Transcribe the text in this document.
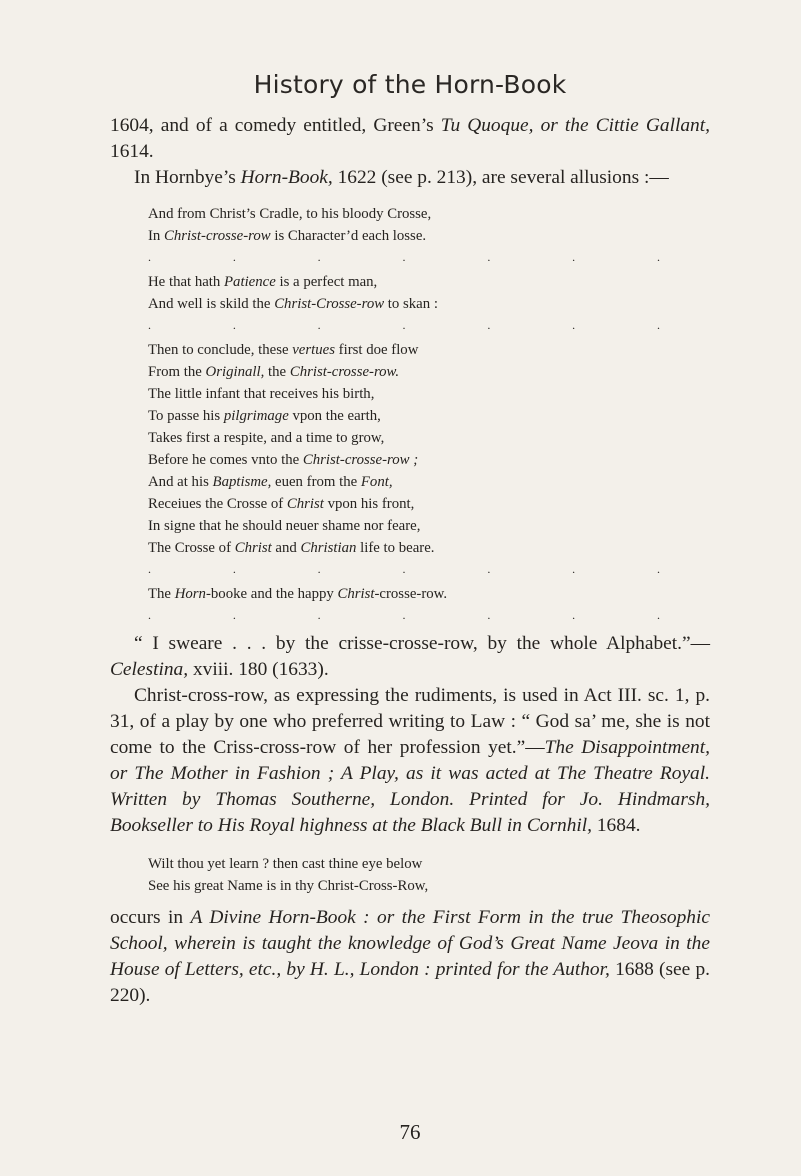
History of the Horn-Book

1604, and of a comedy entitled, Green’s Tu Quoque, or the Cittie Gallant, 1614.

In Hornbye’s Horn-Book, 1622 (see p. 213), are several allusions :—

And from Christ’s Cradle, to his bloody Crosse,
In Christ-crosse-row is Character’d each losse.
.	.	.	.	.	.	.
He that hath Patience is a perfect man,
And well is skild the Christ-Crosse-row to skan :
.	.	.	.	.	.	.
Then to conclude, these vertues first doe flow
From the Originall, the Christ-crosse-row.
The little infant that receives his birth,
To passe his pilgrimage vpon the earth,
Takes first a respite, and a time to grow,
Before he comes vnto the Christ-crosse-row ;
And at his Baptisme, euen from the Font,
Receiues the Crosse of Christ vpon his front,
In signe that he should neuer shame nor feare,
The Crosse of Christ and Christian life to beare.
.	.	.	.	.	.	.
The Horn-booke and the happy Christ-crosse-row.
.	.	.	.	.	.	.

“ I sweare . . . by the crisse-crosse-row, by the whole Alphabet.”—Celestina, xviii. 180 (1633).

Christ-cross-row, as expressing the rudiments, is used in Act III. sc. 1, p. 31, of a play by one who preferred writing to Law : “ God sa’ me, she is not come to the Criss-cross-row of her profession yet.”—The Disappointment, or The Mother in Fashion ; A Play, as it was acted at The Theatre Royal. Written by Thomas Southerne, London. Printed for Jo. Hindmarsh, Bookseller to His Royal highness at the Black Bull in Cornhil, 1684.

Wilt thou yet learn ? then cast thine eye below
See his great Name is in thy Christ-Cross-Row,

occurs in A Divine Horn-Book : or the First Form in the true Theosophic School, wherein is taught the knowledge of God’s Great Name Jeova in the House of Letters, etc., by H. L., London : printed for the Author, 1688 (see p. 220).

76
